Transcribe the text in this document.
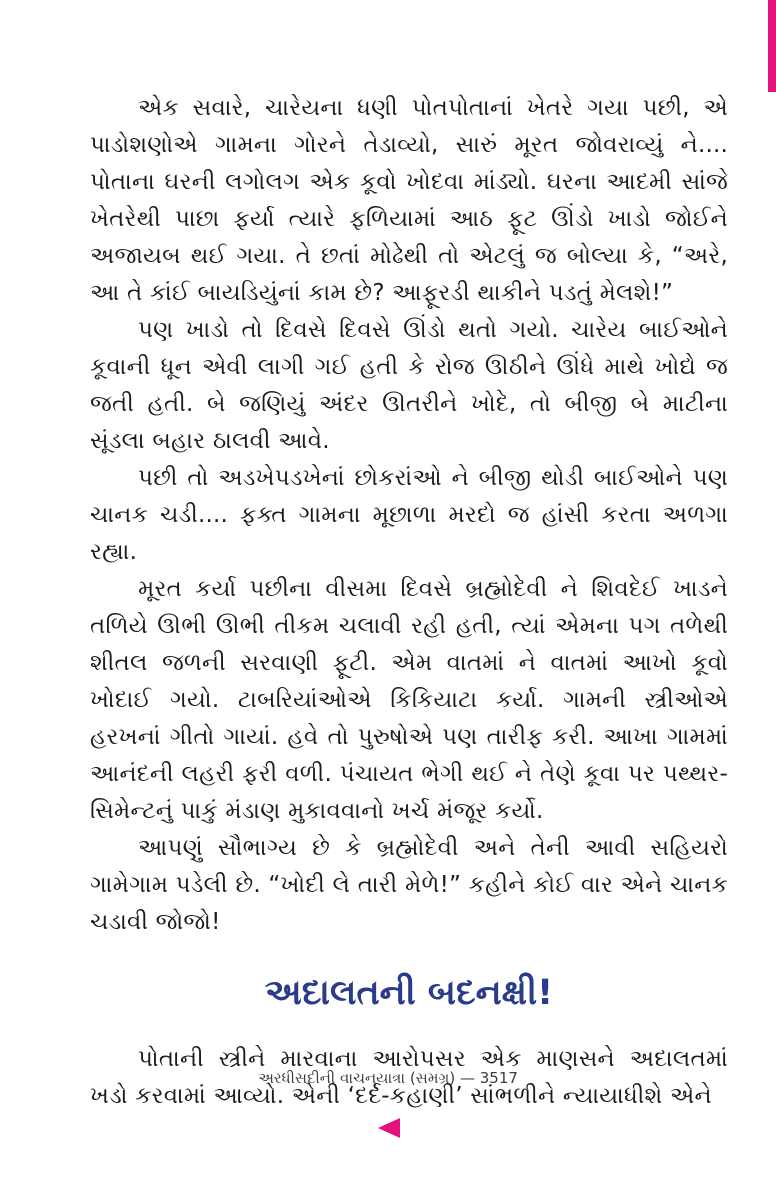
એક સવારે, ચારેયના ધણી પોતપોતાનાં ખેતરે ગયા પછી, એ પાડોશણોએ ગામના ગોરને તેડાવ્યો, સારું મૂરત જોવરાવ્યું ને.... પોતાના ઘરની લગોલગ એક કૂવો ખોદવા માંડ્યો. ઘરના આદમી સાંજે ખેતરેથી પાછા ફર્યા ત્યારે ફળિયામાં આઠ ફૂટ ઊંડો ખાડો જોઈને અજાયબ થઈ ગયા. તે છતાં મોઢેથી તો એટલું જ બોલ્યા કે, “અરે, આ તે કાંઈ બાયડિયુંનાં કામ છે? આફૂરડી થાકીને પડતું મેલશે!”

પણ ખાડો તો દિવસે દિવસે ઊંડો થતો ગયો. ચારેય બાઈઓને કૂવાની ધૂન એવી લાગી ગઈ હતી કે રોજ ઊઠીને ઊંધે માથે ખોદ્યે જ જતી હતી. બે જણિયું અંદર ઊતરીને ખોદે, તો બીજી બે માટીના સૂંડલા બહાર ઠાલવી આવે.

પછી તો અડખેપડખેનાં છોકરાંઓ ને બીજી થોડી બાઈઓને પણ ચાનક ચડી.... ફક્ત ગામના મૂછાળા મરદો જ હાંસી કરતા અળગા રહ્યા.

મૂરત કર્યા પછીના વીસમા દિવસે બ્રહ્મોદેવી ને શિવદેઈ ખાડને તળિયે ઊભી ઊભી તીકમ ચલાવી રહી હતી, ત્યાં એમના પગ તળેથી શીતલ જળની સરવાણી ફૂટી. એમ વાતમાં ને વાતમાં આખો કૂવો ખોદાઈ ગયો. ટાબરિયાંઓએ કિકિયાટા કર્યા. ગામની સ્ત્રીઓએ હરખનાં ગીતો ગાયાં. હવે તો પુરુષોએ પણ તારીફ કરી. આખા ગામમાં આનંદની લહરી ફરી વળી. પંચાયત ભેગી થઈ ને તેણે કૂવા પર પથ્થર-સિમેન્ટનું પાકું મંડાણ મુકાવવાનો ખર્ચ મંજૂર કર્યો.

આપણું સૌભાગ્ય છે કે બ્રહ્મોદેવી અને તેની આવી સહિયરો ગામેગામ પડેલી છે. “ખોદી લે તારી મેળે!” કહીને કોઈ વાર એને ચાનક ચડાવી જોજો!

અદાલતની બદનક્ષી!

પોતાની સ્ત્રીને મારવાના આરોપસર એક માણસને અદાલતમાં ખડો કરવામાં આવ્યો. એની ‘દર્દ-કહાણી’ સાંભળીને ન્યાયાધીશે એને

અરધીસદીની વાચનયાત્રા (સમગ્ર) — 3517
